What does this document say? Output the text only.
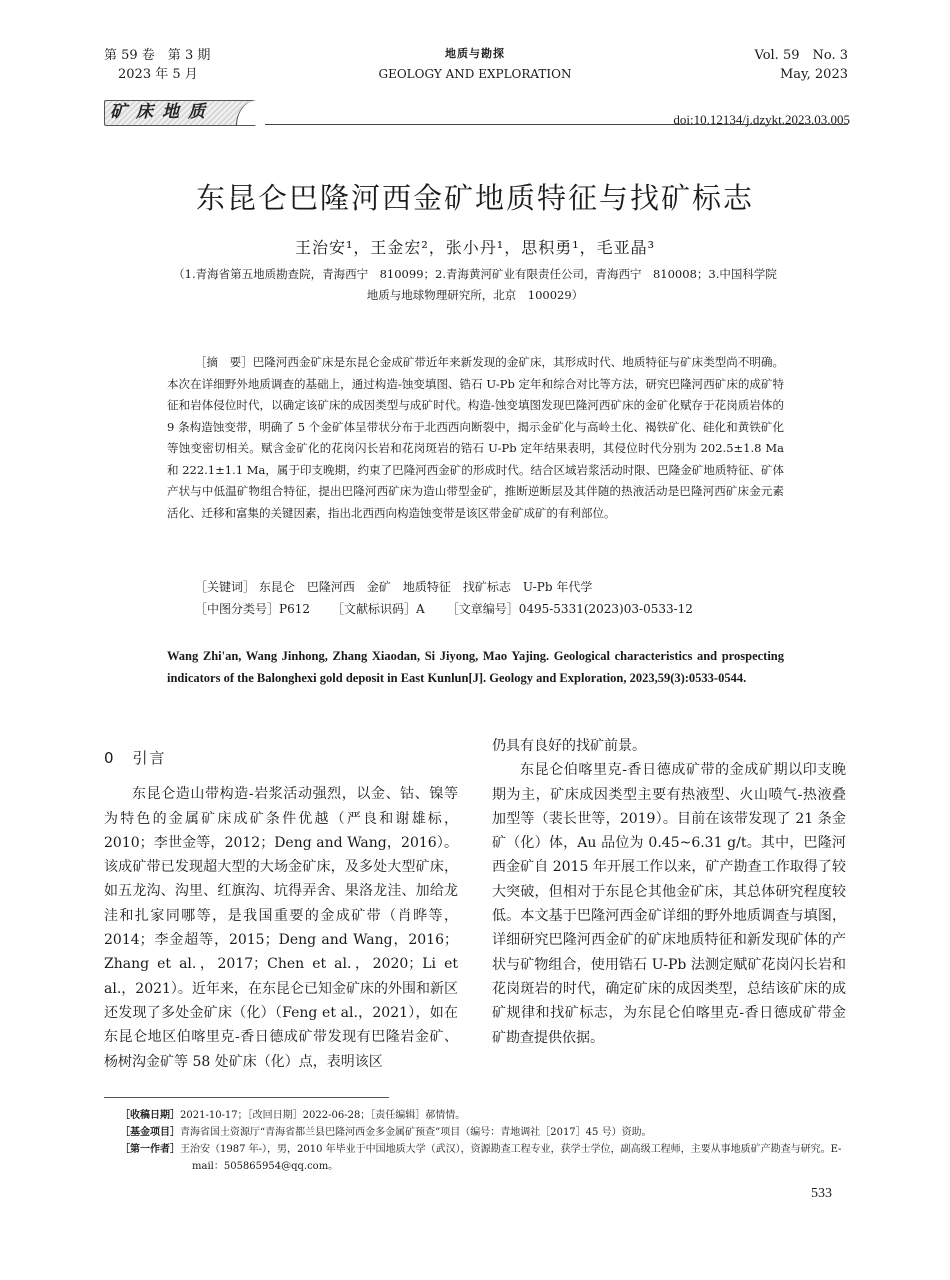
第 59 卷　第 3 期
2023 年 5 月
地质与勘探
GEOLOGY AND EXPLORATION
Vol. 59　No. 3
May, 2023
矿床地质	doi:10.12134/j.dzykt.2023.03.005
东昆仑巴隆河西金矿地质特征与找矿标志
王治安¹，王金宏²，张小丹¹，思积勇¹，毛亚晶³
（1.青海省第五地质勘查院，青海西宁　810099；2.青海黄河矿业有限责任公司，青海西宁　810008；3.中国科学院
地质与地球物理研究所，北京　100029）
［摘　要］巴隆河西金矿床是东昆仑金成矿带近年来新发现的金矿床，其形成时代、地质特征与矿床类型尚不明确。本次在详细野外地质调查的基础上，通过构造-蚀变填图、锆石 U-Pb 定年和综合对比等方法，研究巴隆河西矿床的成矿特征和岩体侵位时代，以确定该矿床的成因类型与成矿时代。构造-蚀变填图发现巴隆河西矿床的金矿化赋存于花岗质岩体的 9 条构造蚀变带，明确了 5 个金矿体呈带状分布于北西西向断裂中，揭示金矿化与高岭土化、褐铁矿化、硅化和黄铁矿化等蚀变密切相关。赋含金矿化的花岗闪长岩和花岗斑岩的锆石 U-Pb 定年结果表明，其侵位时代分别为 202.5±1.8 Ma 和 222.1±1.1 Ma，属于印支晚期，约束了巴隆河西金矿的形成时代。结合区域岩浆活动时限、巴隆金矿地质特征、矿体产状与中低温矿物组合特征，提出巴隆河西矿床为造山带型金矿，推断逆断层及其伴随的热液活动是巴隆河西矿床金元素活化、迁移和富集的关键因素，指出北西西向构造蚀变带是该区带金矿成矿的有利部位。
［关键词］ 东昆仑　巴隆河西　金矿　地质特征　找矿标志　U-Pb 年代学
［中图分类号］P612 ［文献标识码］A ［文章编号］0495-5331(2023)03-0533-12
Wang Zhi'an, Wang Jinhong, Zhang Xiaodan, Si Jiyong, Mao Yajing. Geological characteristics and prospecting indicators of the Balonghexi gold deposit in East Kunlun[J]. Geology and Exploration, 2023,59(3):0533-0544.

0　引言

东昆仑造山带构造-岩浆活动强烈，以金、钴、镍等为特色的金属矿床成矿条件优越（严良和谢雄标，2010；李世金等，2012；Deng and Wang，2016）。该成矿带已发现超大型的大场金矿床，及多处大型矿床，如五龙沟、沟里、红旗沟、坑得弄舍、果洛龙洼、加给龙洼和扎家同哪等，是我国重要的金成矿带（肖晔等，2014；李金超等，2015；Deng and Wang，2016；Zhang et al.，2017；Chen et al.，2020；Li et al.，2021）。近年来，在东昆仑已知金矿床的外围和新区还发现了多处金矿床（化）（Feng et al.，2021），如在东昆仑地区伯喀里克-香日德成矿带发现有巴隆岩金矿、杨树沟金矿等 58 处矿床（化）点，表明该区

仍具有良好的找矿前景。

东昆仑伯喀里克-香日德成矿带的金成矿期以印支晚期为主，矿床成因类型主要有热液型、火山喷气-热液叠加型等（裴长世等，2019）。目前在该带发现了 21 条金矿（化）体，Au 品位为 0.45~6.31 g/t。其中，巴隆河西金矿自 2015 年开展工作以来，矿产勘查工作取得了较大突破，但相对于东昆仑其他金矿床，其总体研究程度较低。本文基于巴隆河西金矿详细的野外地质调查与填图，详细研究巴隆河西金矿的矿床地质特征和新发现矿体的产状与矿物组合，使用锆石 U-Pb 法测定赋矿花岗闪长岩和花岗斑岩的时代，确定矿床的成因类型，总结该矿床的成矿规律和找矿标志，为东昆仑伯喀里克-香日德成矿带金矿勘查提供依据。

［收稿日期］2021-10-17；［改回日期］2022-06-28；［责任编辑］郝情情。
［基金项目］青海省国土资源厅“青海省都兰县巴隆河西金多金属矿预查”项目（编号：青地调社［2017］45 号）资助。
［第一作者］王治安（1987 年-），男，2010 年毕业于中国地质大学（武汉），资源勘查工程专业，获学士学位，副高级工程师，主要从事地质矿产勘查与研究。E-mail：505865954@qq.com。
533
